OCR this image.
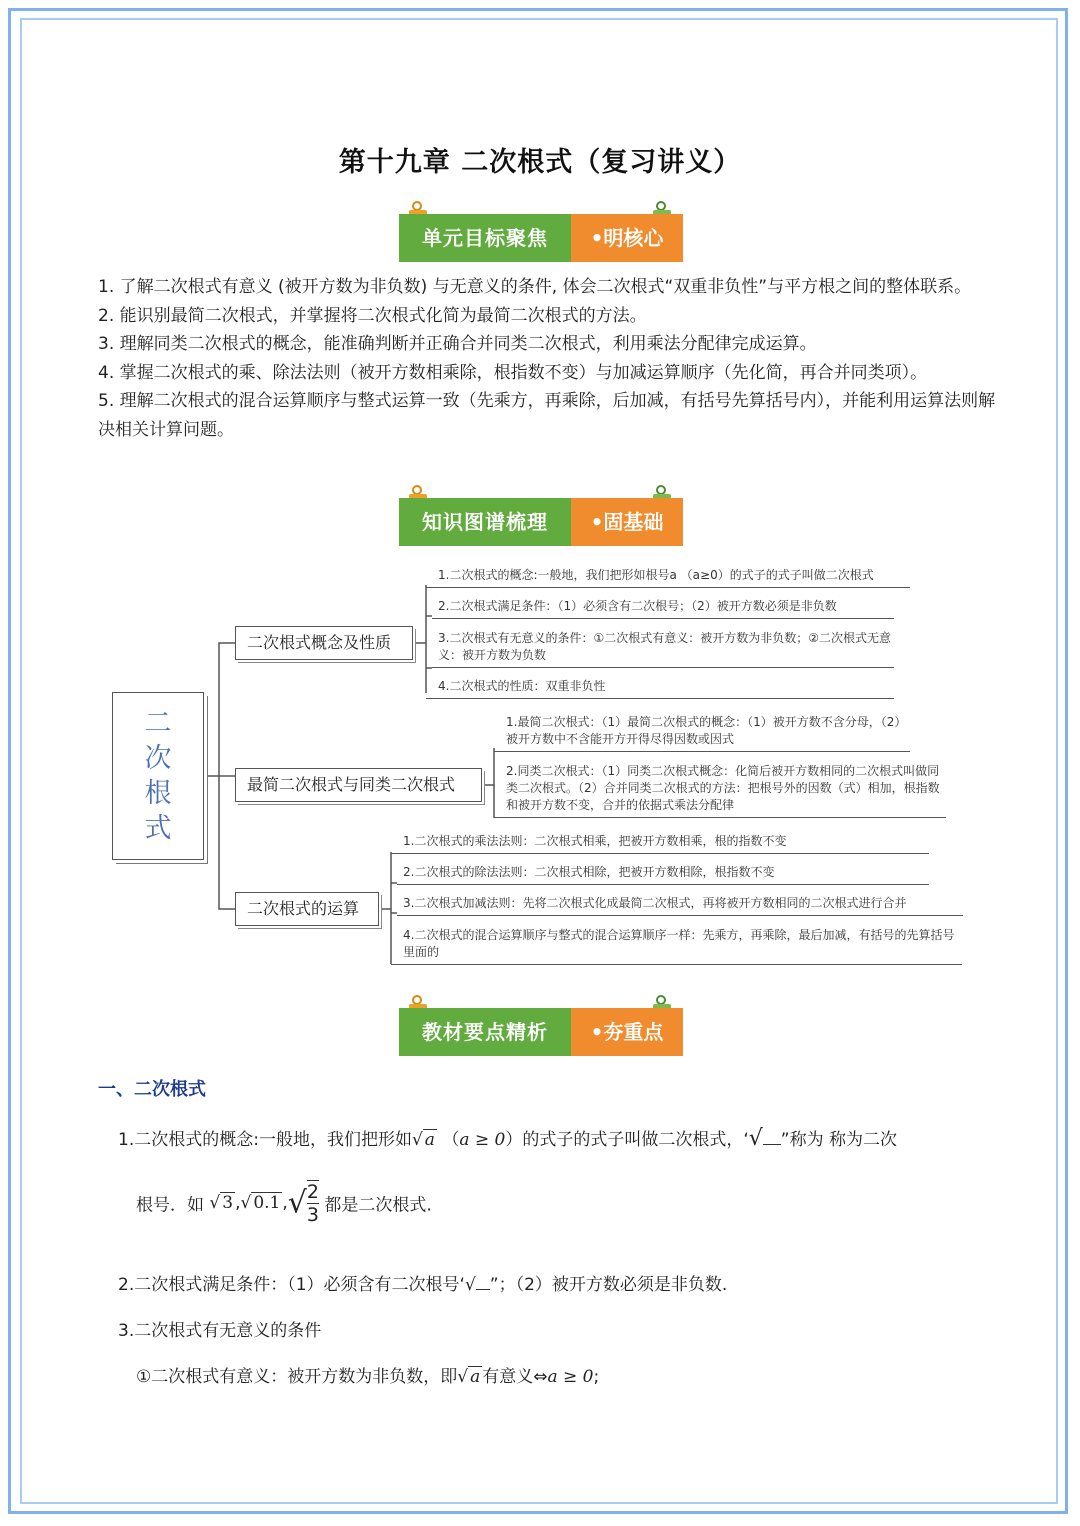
第十九章 二次根式（复习讲义）
单元目标聚焦	•明核心

1. 了解二次根式有意义 (被开方数为非负数) 与无意义的条件, 体会二次根式“双重非负性”与平方根之间的整体联系。

2. 能识别最简二次根式，并掌握将二次根式化简为最简二次根式的方法。

3. 理解同类二次根式的概念，能准确判断并正确合并同类二次根式，利用乘法分配律完成运算。

4. 掌握二次根式的乘、除法法则（被开方数相乘除，根指数不变）与加减运算顺序（先化简，再合并同类项）。

5. 理解二次根式的混合运算顺序与整式运算一致（先乘方，再乘除，后加减，有括号先算括号内），并能利用运算法则解决相关计算问题。

知识图谱梳理	•固基础
二
次
根
式
二次根式概念及性质
最简二次根式与同类二次根式
二次根式的运算
1.二次根式的概念:一般地，我们把形如根号a （a≥0）的式子的式子叫做二次根式
2.二次根式满足条件：（1）必须含有二次根号；（2）被开方数必须是非负数
3.二次根式有无意义的条件：①二次根式有意义：被开方数为非负数；②二次根式无意义：被开方数为负数
4.二次根式的性质：双重非负性
1.最简二次根式：（1）最简二次根式的概念：（1）被开方数不含分母，（2）被开方数中不含能开方开得尽得因数或因式
2.同类二次根式：（1）同类二次根式概念：化简后被开方数相同的二次根式叫做同类二次根式。（2）合并同类二次根式的方法：把根号外的因数（式）相加，根指数和被开方数不变，合并的依据式乘法分配律
1.二次根式的乘法法则：二次根式相乘，把被开方数相乘，根的指数不变
2.二次根式的除法法则：二次根式相除，把被开方数相除，根指数不变
3.二次根式加减法则：先将二次根式化成最简二次根式，再将被开方数相同的二次根式进行合并
4.二次根式的混合运算顺序与整式的混合运算顺序一样：先乘方，再乘除，最后加减，有括号的先算括号里面的
教材要点精析	•夯重点
一、二次根式
1.二次根式的概念:一般地，我们把形如√ a （a ≥ 0）的式子的式子叫做二次根式，‘√ ”称为 称为二次
根号．如 √ 3 ,√ 0.1 ,√ $\frac{2}{3}$ 都是二次根式.
2.二次根式满足条件：（1）必须含有二次根号‘√ ”；（2）被开方数必须是非负数.
3.二次根式有无意义的条件
①二次根式有意义：被开方数为非负数，即√ a 有意义⇔a ≥ 0;
